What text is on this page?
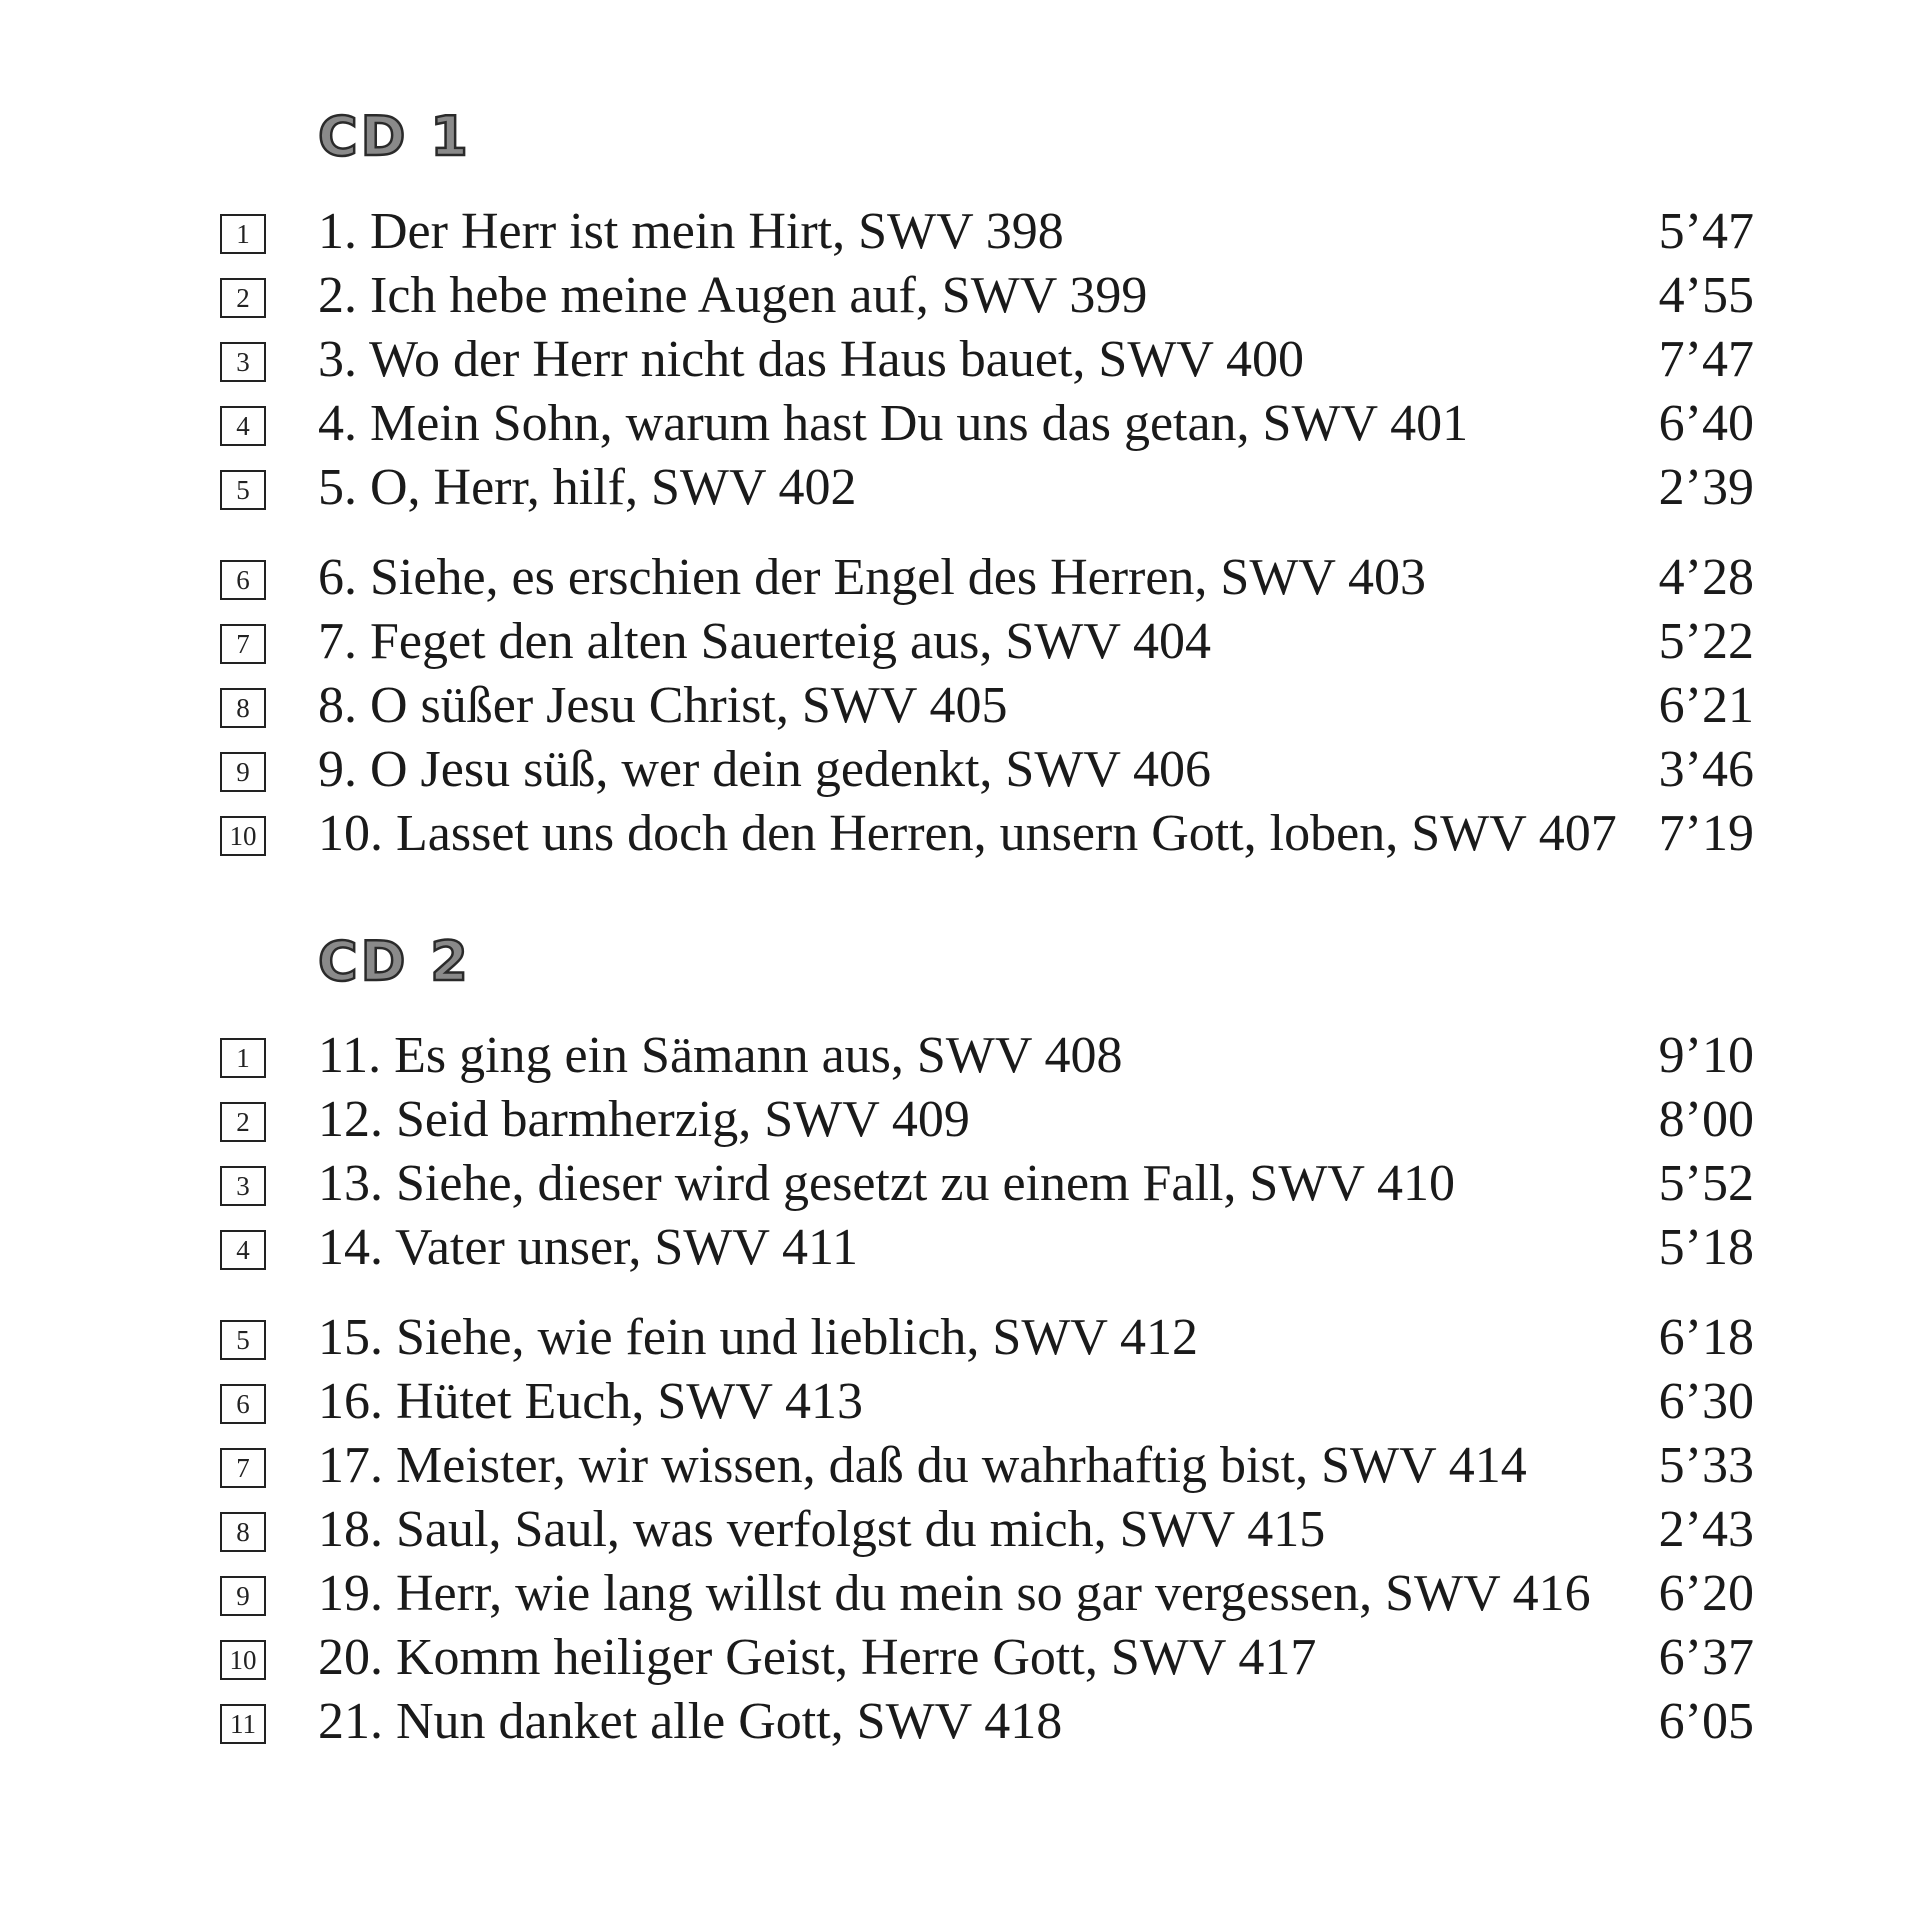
CD 1
1	1. Der Herr ist mein Hirt, SWV 398	5’47
2	2. Ich hebe meine Augen auf, SWV 399	4’55
3	3. Wo der Herr nicht das Haus bauet, SWV 400	7’47
4	4. Mein Sohn, warum hast Du uns das getan, SWV 401	6’40
5	5. O, Herr, hilf, SWV 402	2’39
6	6. Siehe, es erschien der Engel des Herren, SWV 403	4’28
7	7. Feget den alten Sauerteig aus, SWV 404	5’22
8	8. O süßer Jesu Christ, SWV 405	6’21
9	9. O Jesu süß, wer dein gedenkt, SWV 406	3’46
10 10. Lasset uns doch den Herren, unsern Gott, loben, SWV 407 7’19
CD 2
1	11. Es ging ein Sämann aus, SWV 408	9’10
2	12. Seid barmherzig, SWV 409	8’00
3	13. Siehe, dieser wird gesetzt zu einem Fall, SWV 410	5’52
4	14. Vater unser, SWV 411	5’18
5	15. Siehe, wie fein und lieblich, SWV 412	6’18
6	16. Hütet Euch, SWV 413	6’30
7	17. Meister, wir wissen, daß du wahrhaftig bist, SWV 414	5’33
8	18. Saul, Saul, was verfolgst du mich, SWV 415	2’43
9	19. Herr, wie lang willst du mein so gar vergessen, SWV 416 6’20
10 20. Komm heiliger Geist, Herre Gott, SWV 417	6’37
11 21. Nun danket alle Gott, SWV 418	6’05
